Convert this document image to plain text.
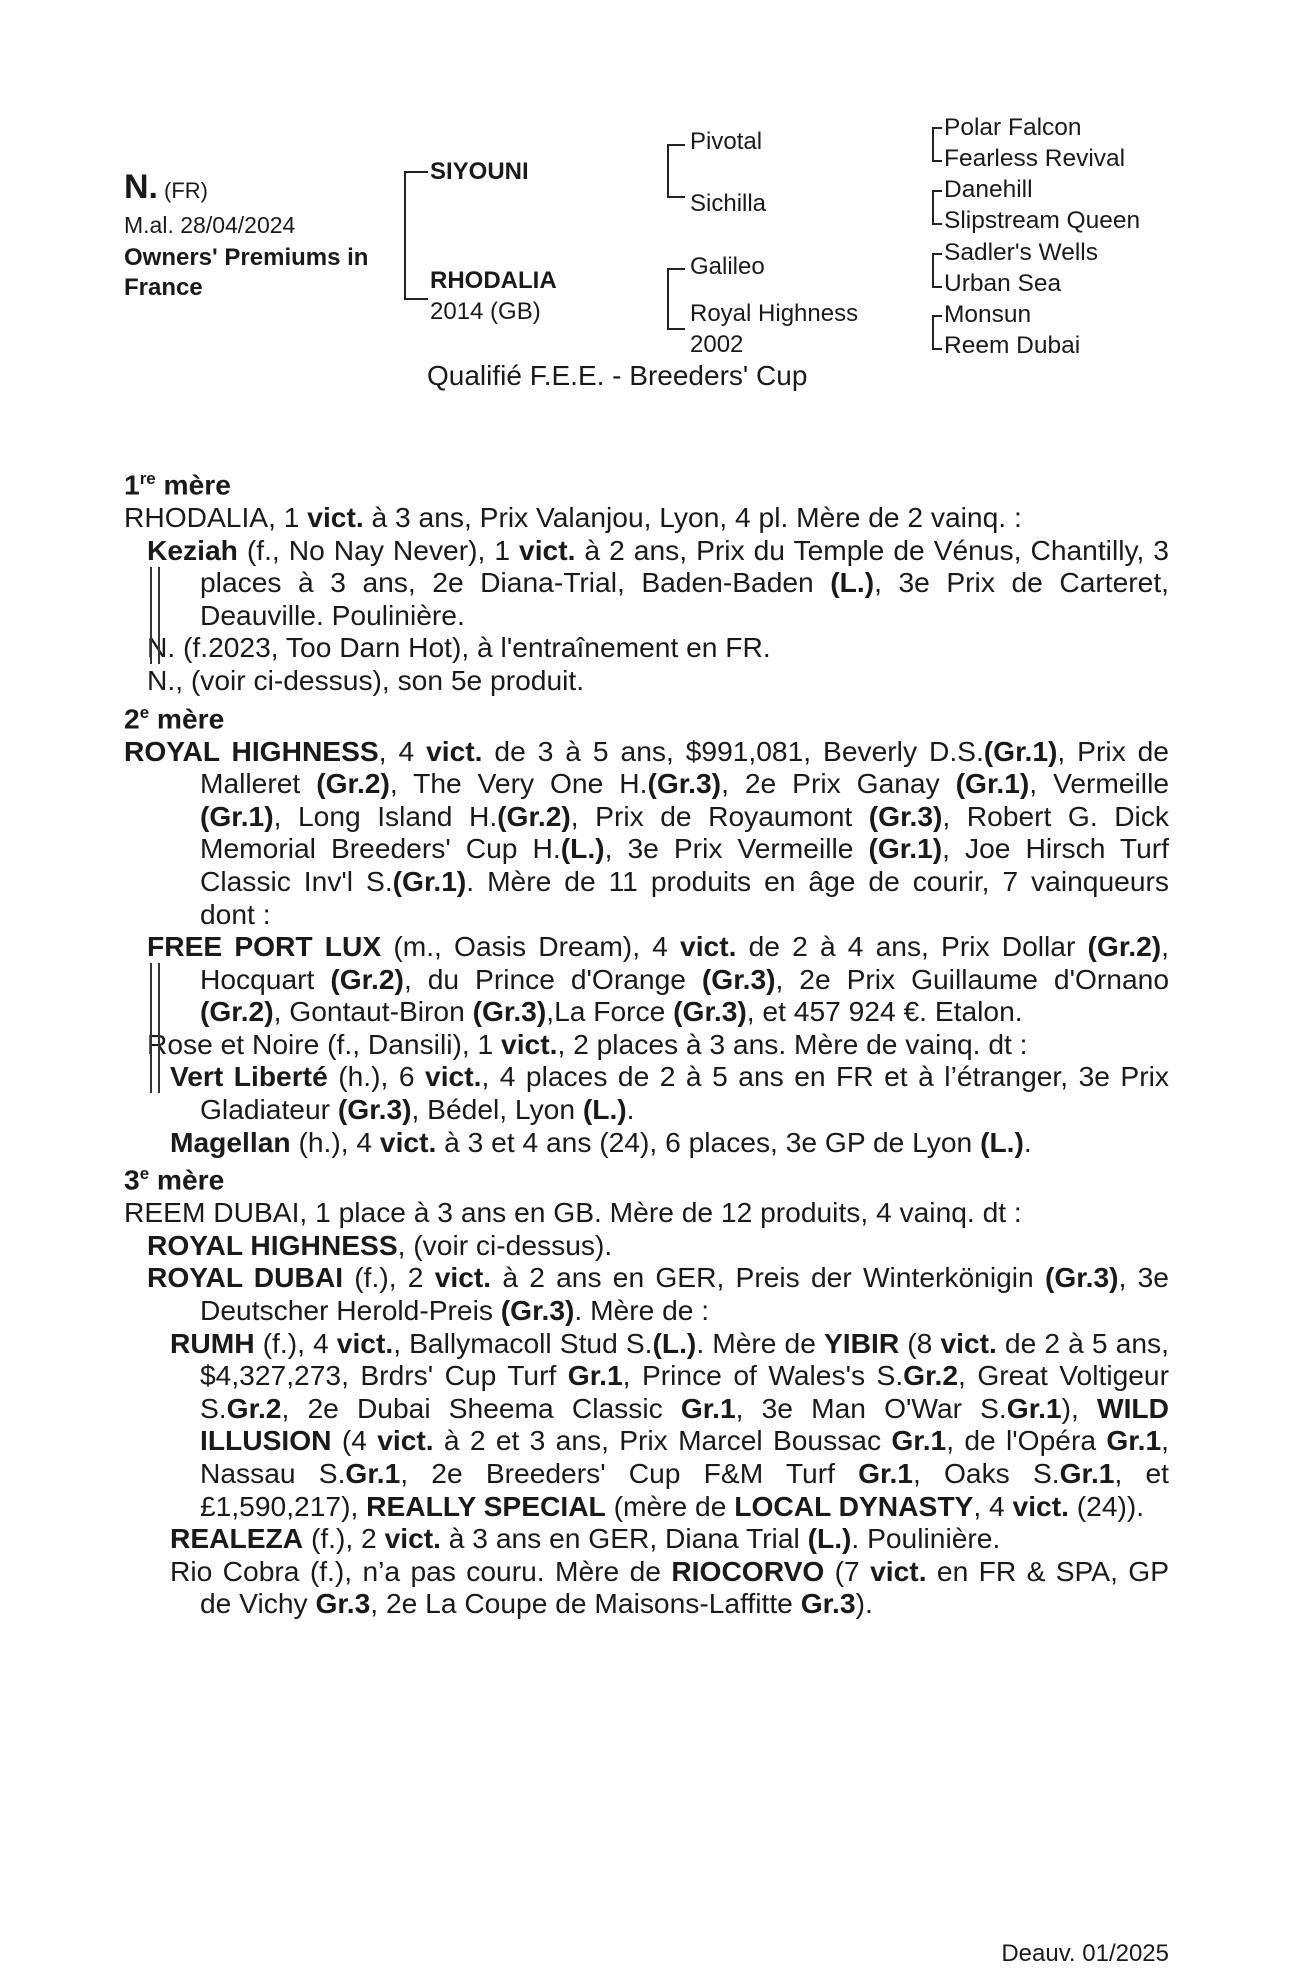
N. (FR)
M.al. 28/04/2024
Owners' Premiums in
France
SIYOUNI
RHODALIA
2014 (GB)
Pivotal
Sichilla
Galileo
Royal Highness
2002
Polar Falcon
Fearless Revival
Danehill
Slipstream Queen
Sadler's Wells
Urban Sea
Monsun
Reem Dubai
Qualifié F.E.E. - Breeders' Cup
1re mère

RHODALIA, 1 vict. à 3 ans, Prix Valanjou, Lyon, 4 pl. Mère de 2 vainq. :

Keziah (f., No Nay Never), 1 vict. à 2 ans, Prix du Temple de Vénus, Chantilly, 3 places à 3 ans, 2e Diana-Trial, Baden-Baden (L.), 3e Prix de Carteret, Deauville. Poulinière.

N. (f.2023, Too Darn Hot), à l'entraînement en FR.

N., (voir ci-dessus), son 5e produit.

2e mère

ROYAL HIGHNESS, 4 vict. de 3 à 5 ans, $991,081, Beverly D.S.(Gr.1), Prix de Malleret (Gr.2), The Very One H.(Gr.3), 2e Prix Ganay (Gr.1), Vermeille (Gr.1), Long Island H.(Gr.2), Prix de Royaumont (Gr.3), Robert G. Dick Memorial Breeders' Cup H.(L.), 3e Prix Vermeille (Gr.1), Joe Hirsch Turf Classic Inv'l S.(Gr.1). Mère de 11 produits en âge de courir, 7 vainqueurs dont :

FREE PORT LUX (m., Oasis Dream), 4 vict. de 2 à 4 ans, Prix Dollar (Gr.2), Hocquart (Gr.2), du Prince d'Orange (Gr.3), 2e Prix Guillaume d'Ornano (Gr.2), Gontaut-Biron (Gr.3),La Force (Gr.3), et 457 924 €. Etalon.

Rose et Noire (f., Dansili), 1 vict., 2 places à 3 ans. Mère de vainq. dt :

Vert Liberté (h.), 6 vict., 4 places de 2 à 5 ans en FR et à l’étranger, 3e Prix Gladiateur (Gr.3), Bédel, Lyon (L.).

Magellan (h.), 4 vict. à 3 et 4 ans (24), 6 places, 3e GP de Lyon (L.).

3e mère

REEM DUBAI, 1 place à 3 ans en GB. Mère de 12 produits, 4 vainq. dt :

ROYAL HIGHNESS, (voir ci-dessus).

ROYAL DUBAI (f.), 2 vict. à 2 ans en GER, Preis der Winterkönigin (Gr.3), 3e Deutscher Herold-Preis (Gr.3). Mère de :

RUMH (f.), 4 vict., Ballymacoll Stud S.(L.). Mère de YIBIR (8 vict. de 2 à 5 ans, $4,327,273, Brdrs' Cup Turf Gr.1, Prince of Wales's S.Gr.2, Great Voltigeur S.Gr.2, 2e Dubai Sheema Classic Gr.1, 3e Man O'War S.Gr.1), WILD ILLUSION (4 vict. à 2 et 3 ans, Prix Marcel Boussac Gr.1, de l'Opéra Gr.1, Nassau S.Gr.1, 2e Breeders' Cup F&M Turf Gr.1, Oaks S.Gr.1, et £1,590,217), REALLY SPECIAL (mère de LOCAL DYNASTY, 4 vict. (24)).

REALEZA (f.), 2 vict. à 3 ans en GER, Diana Trial (L.). Poulinière.

Rio Cobra (f.), n’a pas couru. Mère de RIOCORVO (7 vict. en FR & SPA, GP de Vichy Gr.3, 2e La Coupe de Maisons-Laffitte Gr.3).

Deauv. 01/2025
